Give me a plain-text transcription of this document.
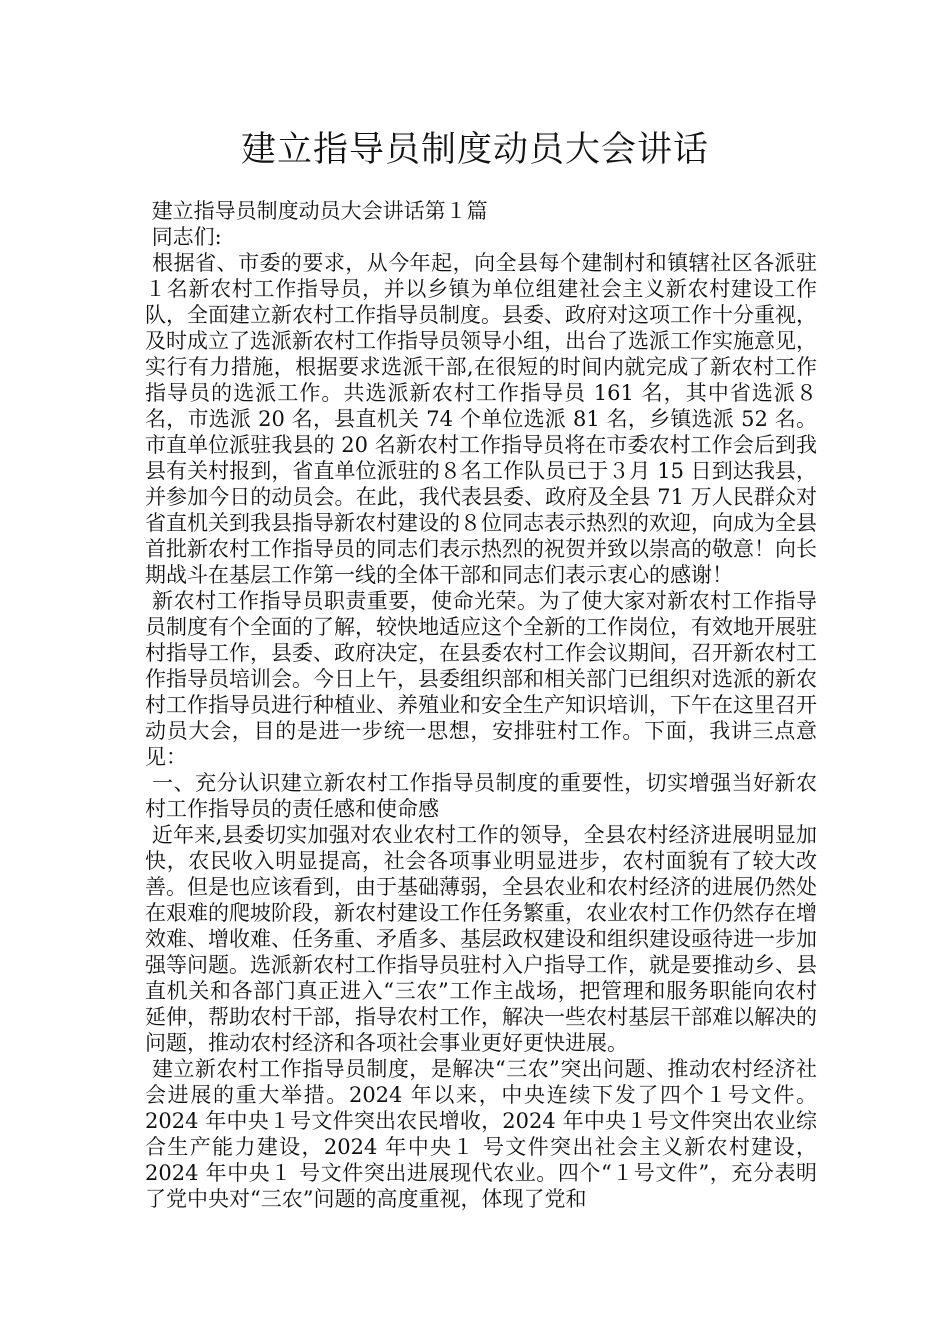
建立指导员制度动员大会讲话

建立指导员制度动员大会讲话第１篇

同志们:

根据省、市委的要求，从今年起，向全县每个建制村和镇辖社区各派驻１名新农村工作指导员，并以乡镇为单位组建社会主义新农村建设工作队，全面建立新农村工作指导员制度。县委、政府对这项工作十分重视，及时成立了选派新农村工作指导员领导小组，出台了选派工作实施意见，实行有力措施，根据要求选派干部,在很短的时间内就完成了新农村工作指导员的选派工作。共选派新农村工作指导员 161 名，其中省选派８名，市选派 20 名，县直机关 74 个单位选派 81 名，乡镇选派 52 名。市直单位派驻我县的 20 名新农村工作指导员将在市委农村工作会后到我县有关村报到，省直单位派驻的８名工作队员已于３月 15 日到达我县，并参加今日的动员会。在此，我代表县委、政府及全县 71 万人民群众对省直机关到我县指导新农村建设的８位同志表示热烈的欢迎，向成为全县首批新农村工作指导员的同志们表示热烈的祝贺并致以崇高的敬意！向长期战斗在基层工作第一线的全体干部和同志们表示衷心的感谢！

新农村工作指导员职责重要，使命光荣。为了使大家对新农村工作指导员制度有个全面的了解，较快地适应这个全新的工作岗位，有效地开展驻村指导工作，县委、政府决定，在县委农村工作会议期间，召开新农村工作指导员培训会。今日上午，县委组织部和相关部门已组织对选派的新农村工作指导员进行种植业、养殖业和安全生产知识培训，下午在这里召开动员大会，目的是进一步统一思想，安排驻村工作。下面，我讲三点意见：

一、充分认识建立新农村工作指导员制度的重要性，切实增强当好新农村工作指导员的责任感和使命感

近年来,县委切实加强对农业农村工作的领导，全县农村经济进展明显加快，农民收入明显提高，社会各项事业明显进步，农村面貌有了较大改善。但是也应该看到，由于基础薄弱，全县农业和农村经济的进展仍然处在艰难的爬坡阶段，新农村建设工作任务繁重，农业农村工作仍然存在增效难、增收难、任务重、矛盾多、基层政权建设和组织建设亟待进一步加强等问题。选派新农村工作指导员驻村入户指导工作，就是要推动乡、县直机关和各部门真正进入“三农”工作主战场，把管理和服务职能向农村延伸，帮助农村干部，指导农村工作，解决一些农村基层干部难以解决的问题，推动农村经济和各项社会事业更好更快进展。

建立新农村工作指导员制度，是解决“三农”突出问题、推动农村经济社会进展的重大举措。2024 年以来，中央连续下发了四个１号文件。2024 年中央１号文件突出农民增收，2024 年中央１号文件突出农业综合生产能力建设，2024 年中央１ 号文件突出社会主义新农村建设，2024 年中央１ 号文件突出进展现代农业。四个“１号文件”，充分表明了党中央对“三农”问题的高度重视，体现了党和
